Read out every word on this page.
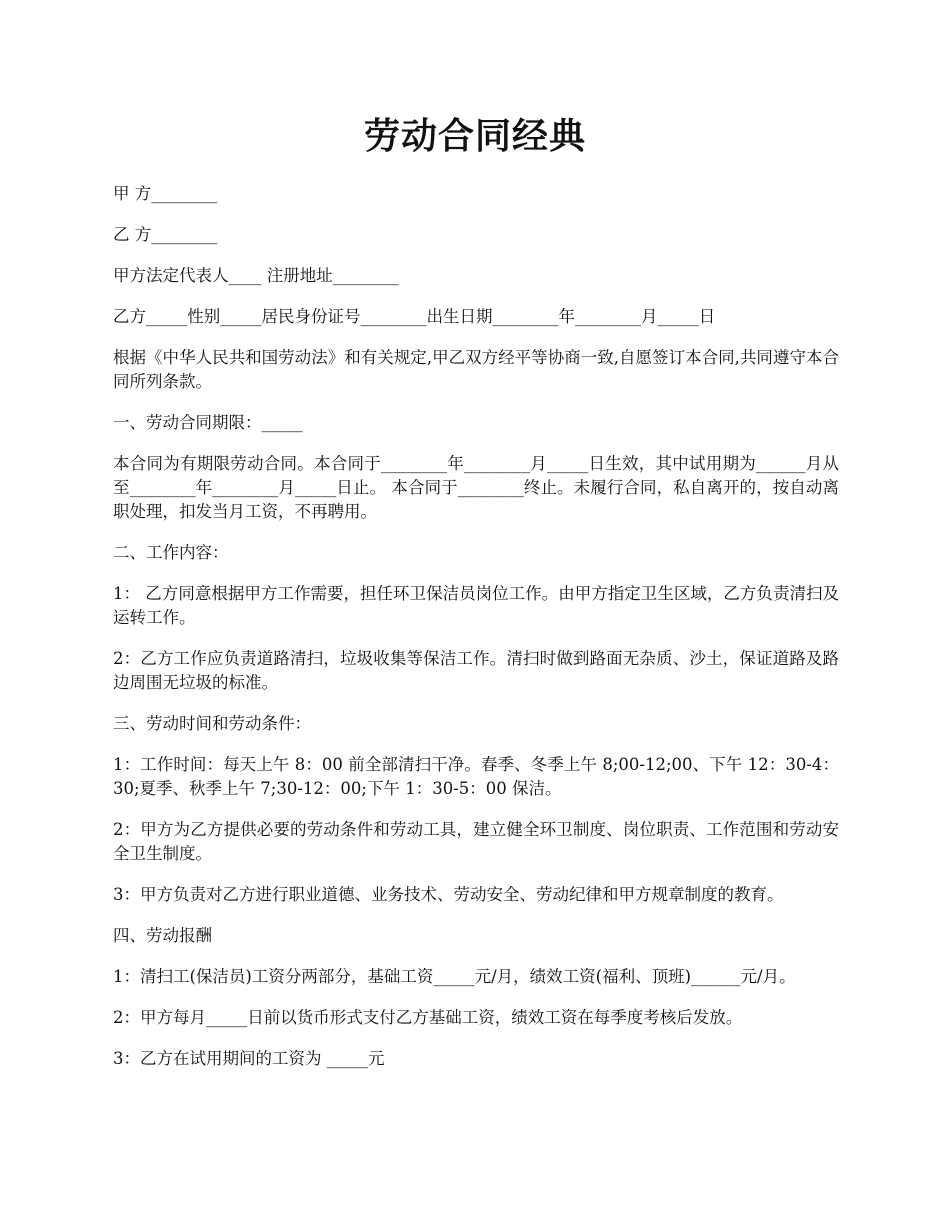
劳动合同经典

甲 方________

乙 方________

甲方法定代表人____ 注册地址________

乙方_____性别_____居民身份证号________出生日期________年________月_____日

根据《中华人民共和国劳动法》和有关规定,甲乙双方经平等协商一致,自愿签订本合同,共同遵守本合同所列条款。

一、劳动合同期限：_____

本合同为有期限劳动合同。本合同于________年________月_____日生效，其中试用期为______月从至________年________月_____日止。 本合同于________终止。未履行合同，私自离开的，按自动离职处理，扣发当月工资，不再聘用。

二、工作内容：

1： 乙方同意根据甲方工作需要，担任环卫保洁员岗位工作。由甲方指定卫生区域，乙方负责清扫及运转工作。

2：乙方工作应负责道路清扫，垃圾收集等保洁工作。清扫时做到路面无杂质、沙土，保证道路及路边周围无垃圾的标准。

三、劳动时间和劳动条件：

1：工作时间：每天上午 8：00 前全部清扫干净。春季、冬季上午 8;00-12;00、下午 12：30-4：30;夏季、秋季上午 7;30-12：00;下午 1：30-5：00 保洁。

2：甲方为乙方提供必要的劳动条件和劳动工具，建立健全环卫制度、岗位职责、工作范围和劳动安全卫生制度。

3：甲方负责对乙方进行职业道德、业务技术、劳动安全、劳动纪律和甲方规章制度的教育。

四、劳动报酬

1：清扫工(保洁员)工资分两部分，基础工资_____元/月，绩效工资(福利、顶班)______元/月。

2：甲方每月_____日前以货币形式支付乙方基础工资，绩效工资在每季度考核后发放。

3：乙方在试用期间的工资为 _____元
